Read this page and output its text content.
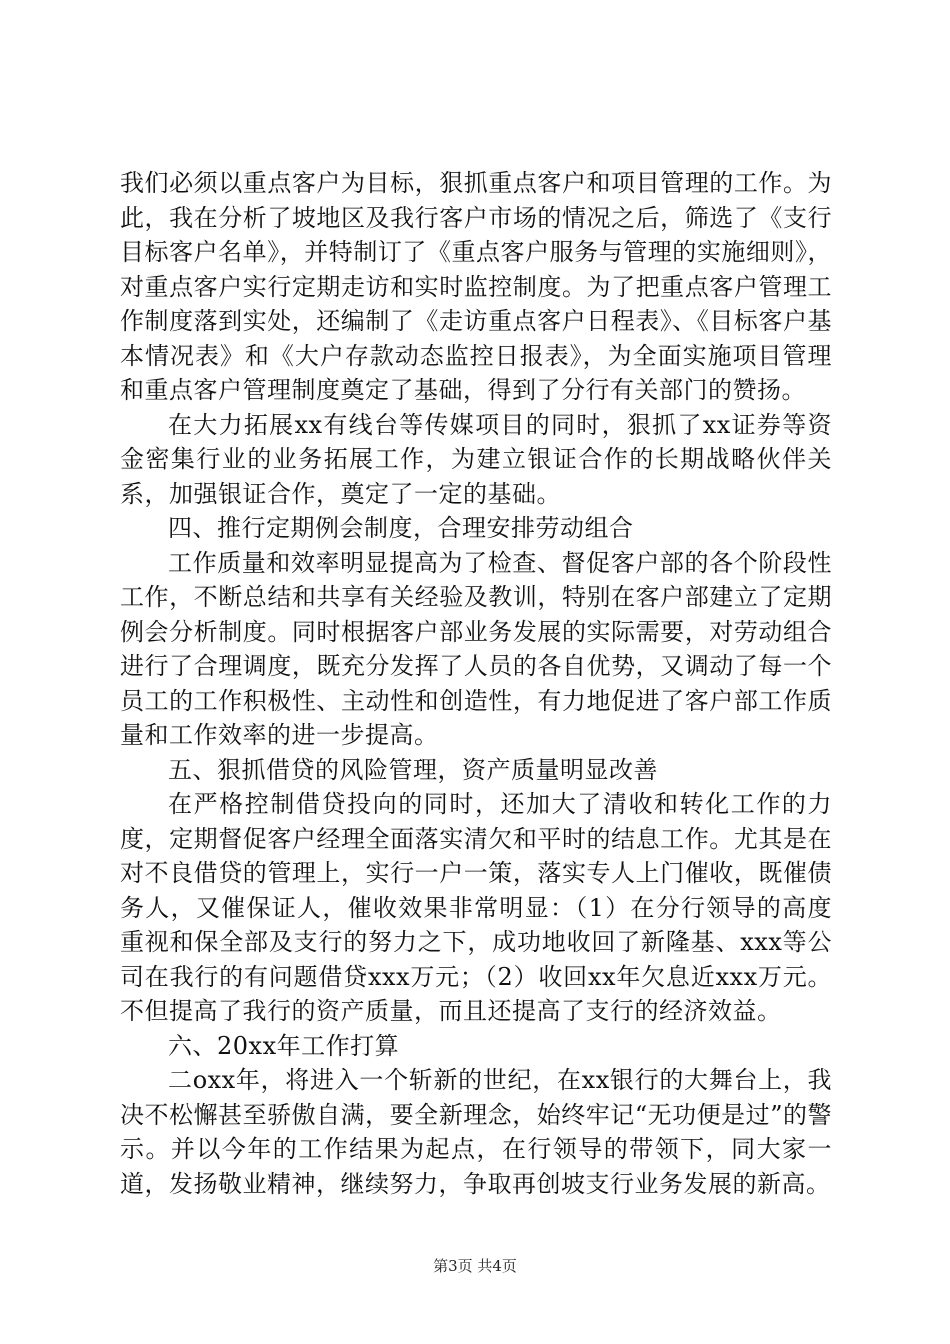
我们必须以重点客户为目标，狠抓重点客户和项目管理的工作。为此，我在分析了坡地区及我行客户市场的情况之后，筛选了《支行目标客户名单》，并特制订了《重点客户服务与管理的实施细则》，对重点客户实行定期走访和实时监控制度。为了把重点客户管理工作制度落到实处，还编制了《走访重点客户日程表》、《目标客户基本情况表》和《大户存款动态监控日报表》，为全面实施项目管理和重点客户管理制度奠定了基础，得到了分行有关部门的赞扬。

在大力拓展xx有线台等传媒项目的同时，狠抓了xx证券等资金密集行业的业务拓展工作，为建立银证合作的长期战略伙伴关系，加强银证合作，奠定了一定的基础。

四、推行定期例会制度，合理安排劳动组合

工作质量和效率明显提高为了检查、督促客户部的各个阶段性工作，不断总结和共享有关经验及教训，特别在客户部建立了定期例会分析制度。同时根据客户部业务发展的实际需要，对劳动组合进行了合理调度，既充分发挥了人员的各自优势，又调动了每一个员工的工作积极性、主动性和创造性，有力地促进了客户部工作质量和工作效率的进一步提高。

五、狠抓借贷的风险管理，资产质量明显改善

在严格控制借贷投向的同时，还加大了清收和转化工作的力度，定期督促客户经理全面落实清欠和平时的结息工作。尤其是在对不良借贷的管理上，实行一户一策，落实专人上门催收，既催债务人，又催保证人，催收效果非常明显：（1）在分行领导的高度重视和保全部及支行的努力之下，成功地收回了新隆基、xxx等公司在我行的有问题借贷xxx万元；（2）收回xx年欠息近xxx万元。不但提高了我行的资产质量，而且还提高了支行的经济效益。

六、20xx年工作打算

二oxx年，将进入一个斩新的世纪，在xx银行的大舞台上，我决不松懈甚至骄傲自满，要全新理念，始终牢记“无功便是过”的警示。并以今年的工作结果为起点，在行领导的带领下，同大家一道，发扬敬业精神，继续努力，争取再创坡支行业务发展的新高。

第3页 共4页
